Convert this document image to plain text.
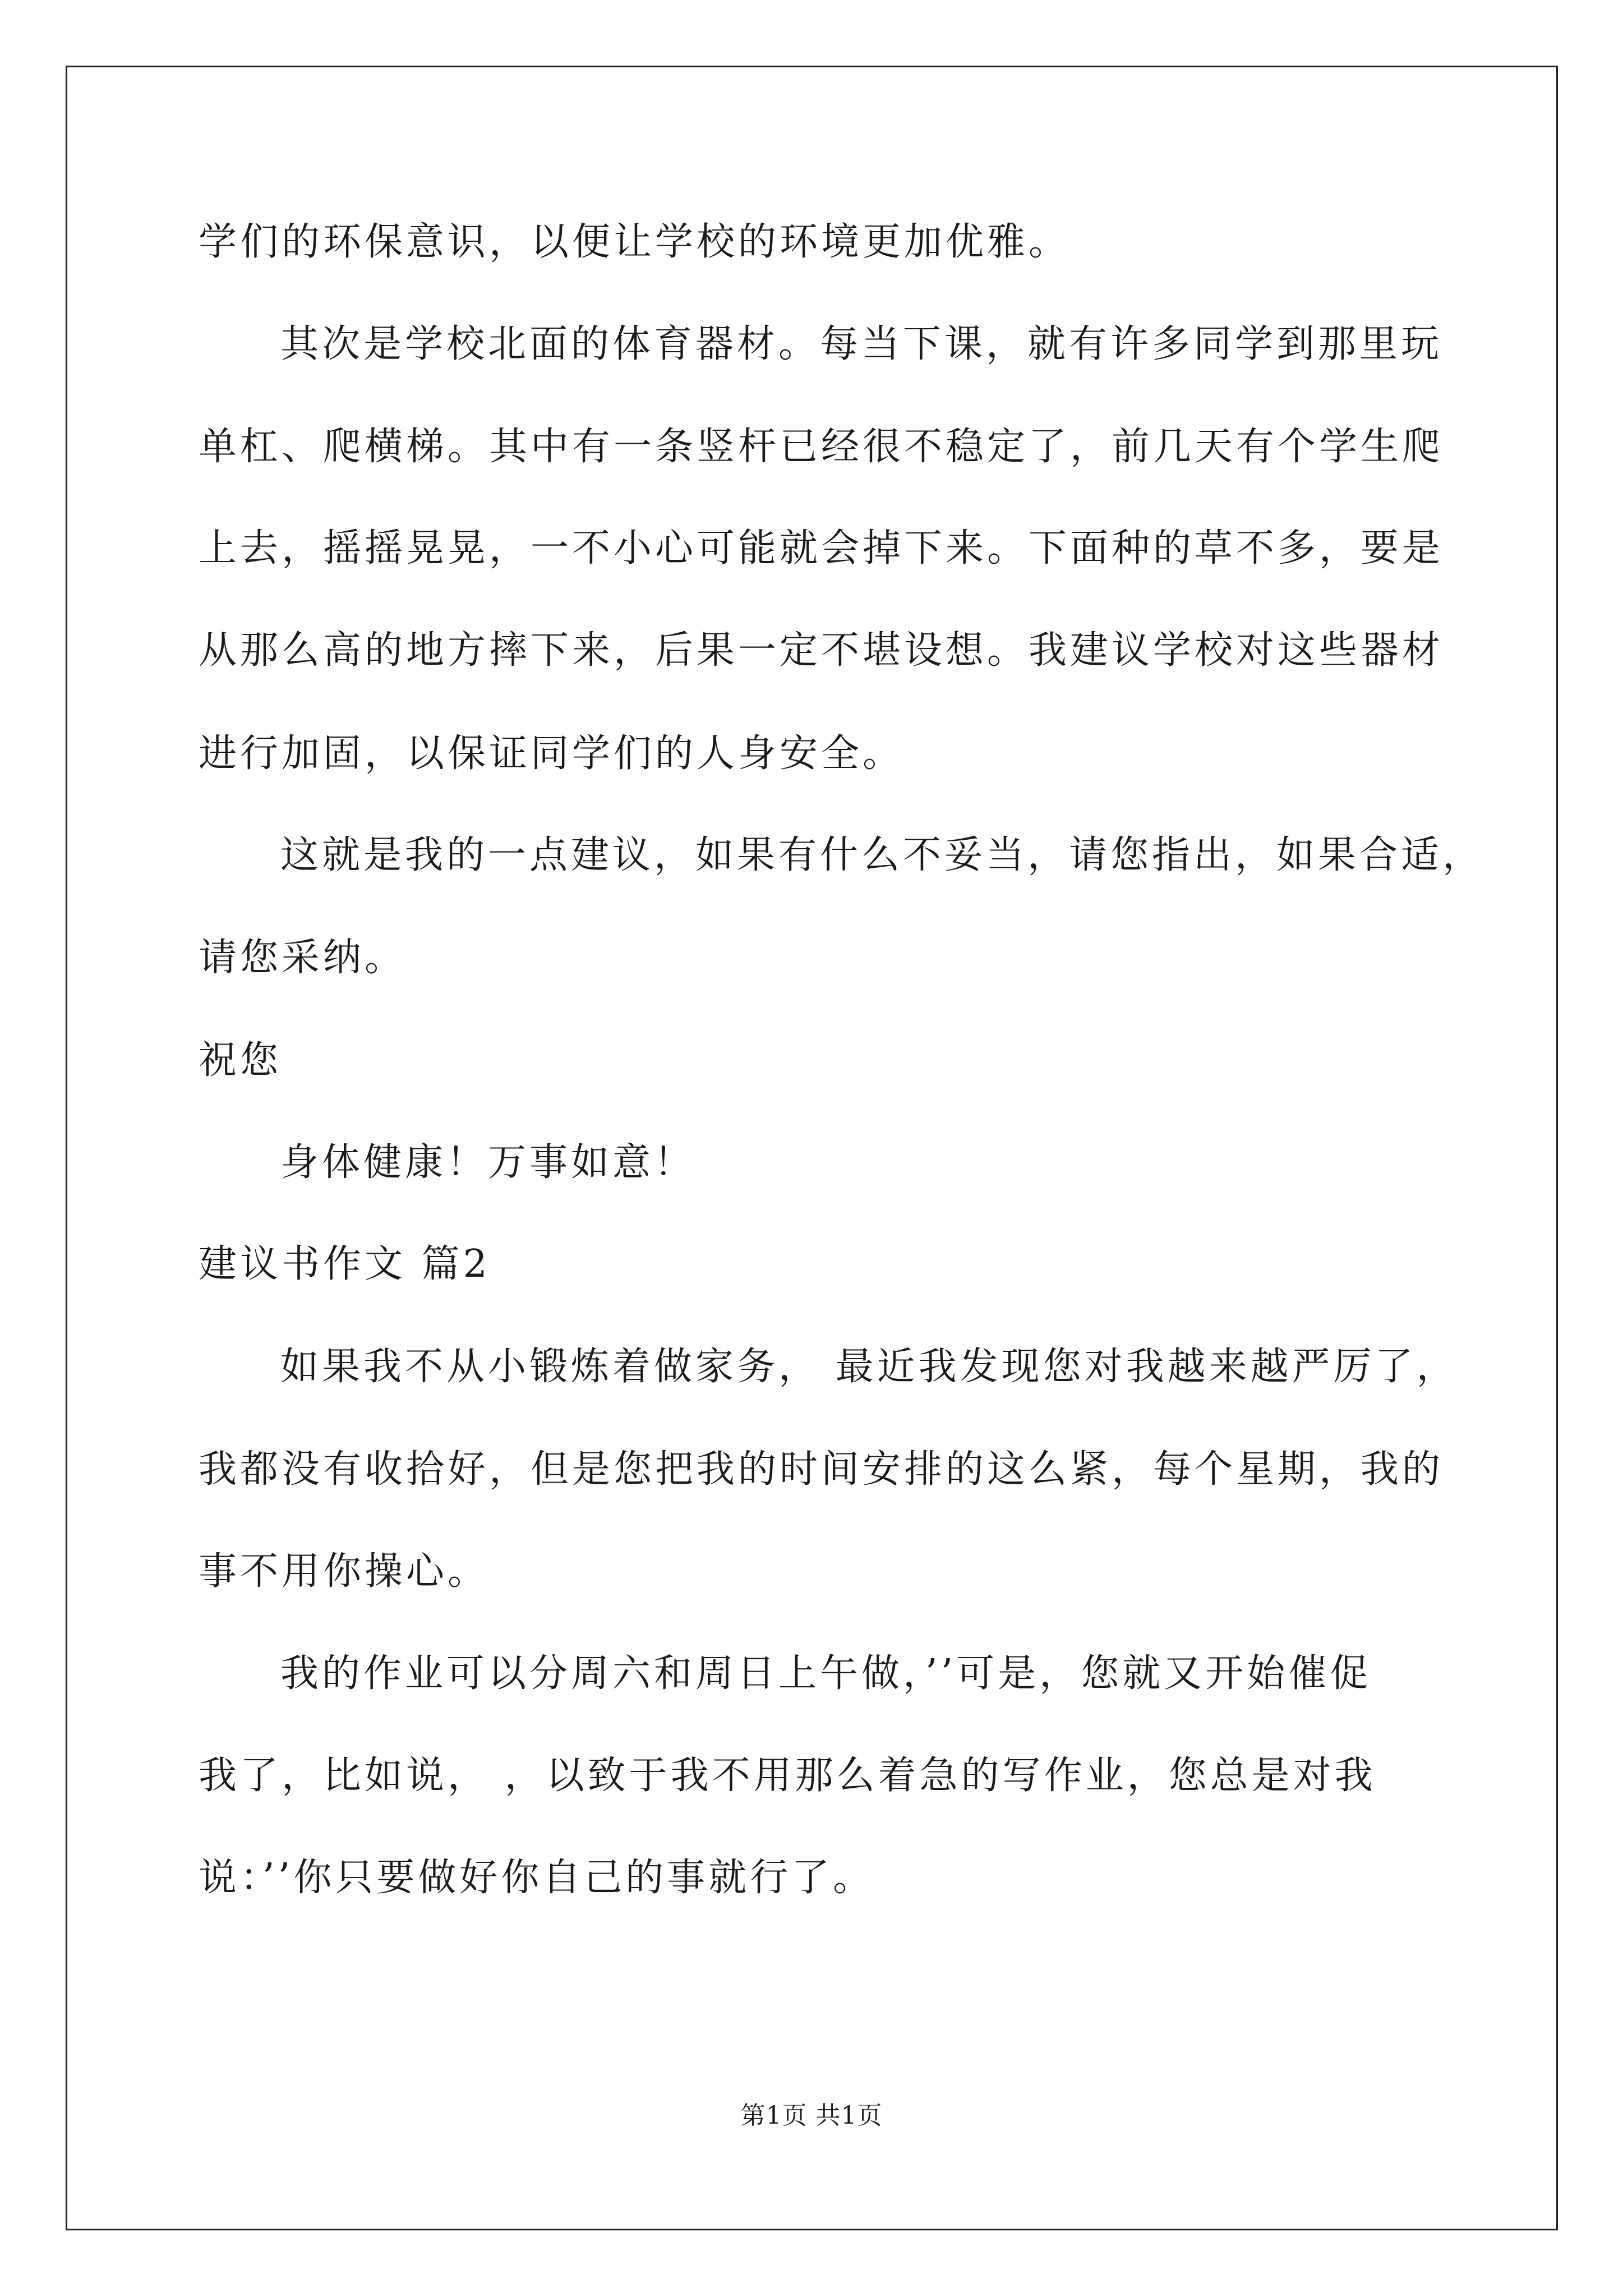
学们的环保意识，以便让学校的环境更加优雅。
其次是学校北面的体育器材。每当下课，就有许多同学到那里玩
单杠、爬横梯。其中有一条竖杆已经很不稳定了，前几天有个学生爬
上去，摇摇晃晃，一不小心可能就会掉下来。下面种的草不多，要是
从那么高的地方摔下来，后果一定不堪设想。我建议学校对这些器材
进行加固，以保证同学们的人身安全。
这就是我的一点建议，如果有什么不妥当，请您指出，如果合适，
请您采纳。
祝您
身体健康！万事如意！
建议书作文 篇2
如果我不从小锻炼着做家务， 最近我发现您对我越来越严厉了，
我都没有收拾好，但是您把我的时间安排的这么紧，每个星期，我的
事不用你操心。
我的作业可以分周六和周日上午做，’’可是，您就又开始催促
我了，比如说， ，以致于我不用那么着急的写作业，您总是对我
说：’’你只要做好你自己的事就行了。
第1页 共1页
